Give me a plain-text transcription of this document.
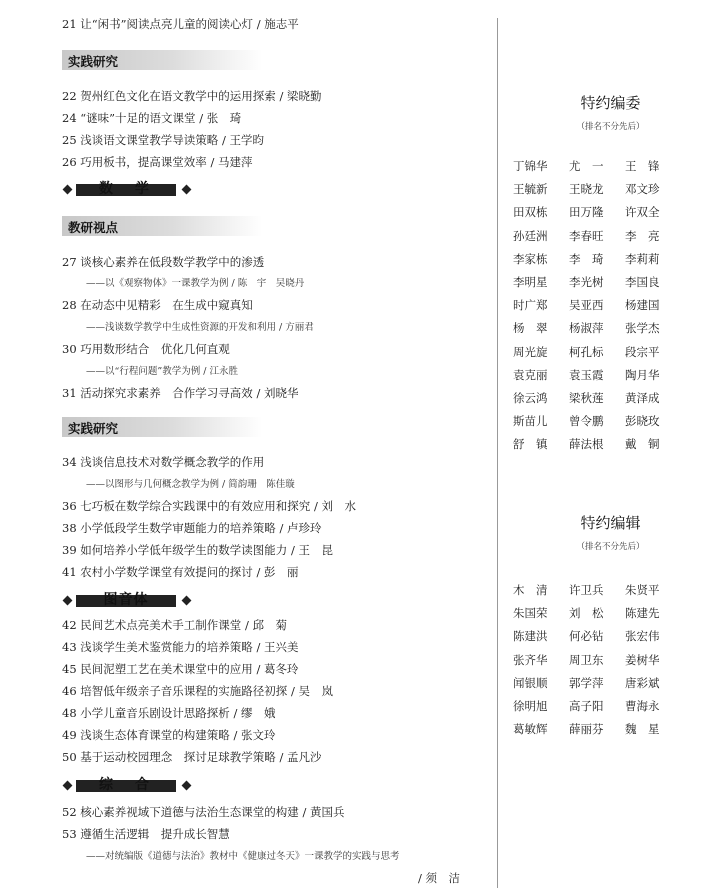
21 让“闲书”阅读点亮儿童的阅读心灯 / 施志平
实践研究
22 贺州红色文化在语文教学中的运用探索 / 梁晓勤
24 “谜味”十足的语文课堂 / 张　琦
25 浅谈语文课堂教学导读策略 / 王学昀
26 巧用板书，提高课堂效率 / 马建萍
数　学
教研视点
27 谈核心素养在低段数学教学中的渗透
——以《观察物体》一课教学为例 / 陈　宇　吴晓丹
28 在动态中见精彩　在生成中窥真知
——浅谈数学教学中生成性资源的开发和利用 / 方丽君
30 巧用数形结合　优化几何直观
——以“行程问题”教学为例 / 江永胜
31 活动探究求素养　合作学习寻高效 / 刘晓华
实践研究
34 浅谈信息技术对数学概念教学的作用
——以图形与几何概念教学为例 / 简韵珊　陈佳璇
36 七巧板在数学综合实践课中的有效应用和探究 / 刘　水
38 小学低段学生数学审题能力的培养策略 / 卢珍玲
39 如何培养小学低年级学生的数学读图能力 / 王　昆
41 农村小学数学课堂有效提问的探讨 / 彭　丽
图音体
42 民间艺术点亮美术手工制作课堂 / 邱　菊
43 浅谈学生美术鉴赏能力的培养策略 / 王兴美
45 民间泥塑工艺在美术课堂中的应用 / 葛冬玲
46 培智低年级亲子音乐课程的实施路径初探 / 吴　岚
48 小学儿童音乐剧设计思路探析 / 缪　娥
49 浅谈生态体育课堂的构建策略 / 张文玲
50 基于运动校园理念　探讨足球教学策略 / 孟凡沙
综　合
52 核心素养视域下道德与法治生态课堂的构建 / 黄国兵
53 遵循生活逻辑　提升成长智慧
——对统编版《道德与法治》教材中《健康过冬天》一课教学的实践与思考
/ 须　洁
特约编委
（排名不分先后）
丁锦华	尤　一	王　锋
王毓新	王晓龙	邓文珍
田双栋	田万隆	许双全
孙廷洲	李春旺	李　亮
李家栋	李　琦	李莉莉
李明星	李光树	李国良
时广郑	吴亚西	杨建国
杨　翠	杨淑萍	张学杰
周光旋	柯孔标	段宗平
袁克丽	袁玉霞	陶月华
徐云鸿	梁秋莲	黄泽成
斯苗儿	曾令鹏	彭晓玫
舒　镇	薛法根	戴　铜
特约编辑
（排名不分先后）
木　清	许卫兵	朱贤平
朱国荣	刘　松	陈建先
陈建洪	何必钻	张宏伟
张齐华	周卫东	姜树华
闻银顺	郭学萍	唐彩斌
徐明旭	高子阳	曹海永
葛敏辉	薛丽芬	魏　星
